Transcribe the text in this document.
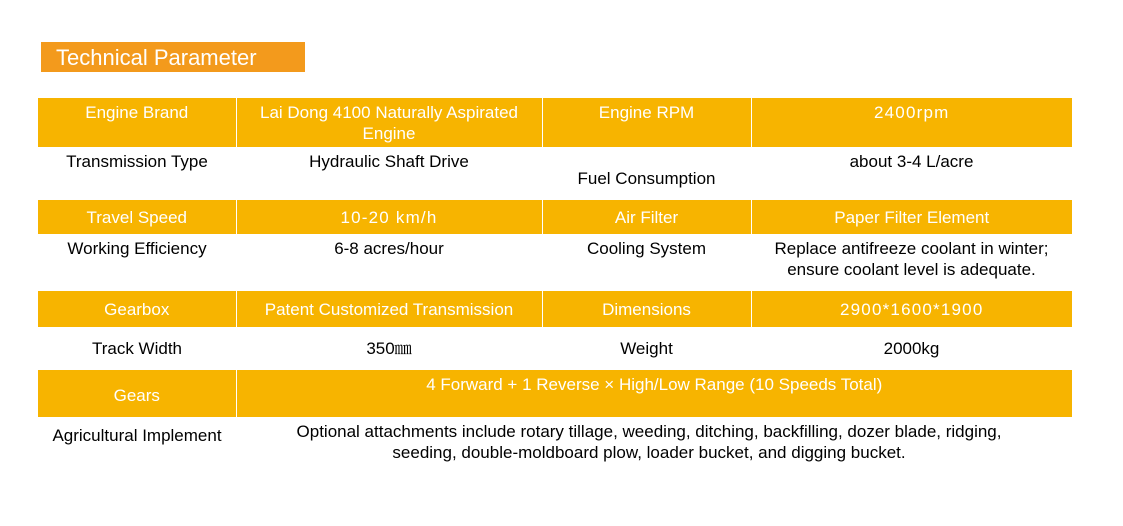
Technical Parameter
Engine Brand	Lai Dong 4100 Naturally Aspirated Engine	Engine RPM	2400rpm
Transmission Type	Hydraulic Shaft Drive	Fuel Consumption	about 3-4 L/acre
Travel Speed	10-20 km/h	Air Filter	Paper Filter Element
Working Efficiency	6-8 acres/hour	Cooling System	Replace antifreeze coolant in winter; ensure coolant level is adequate.
Gearbox	Patent Customized Transmission	Dimensions	2900*1600*1900
Track Width	350㎜	Weight	2000kg
Gears	4 Forward + 1 Reverse × High/Low Range (10 Speeds Total)		
Agricultural Implement	Optional attachments include rotary tillage, weeding, ditching, backfilling, dozer blade, ridging, seeding, double-moldboard plow, loader bucket, and digging bucket.		
